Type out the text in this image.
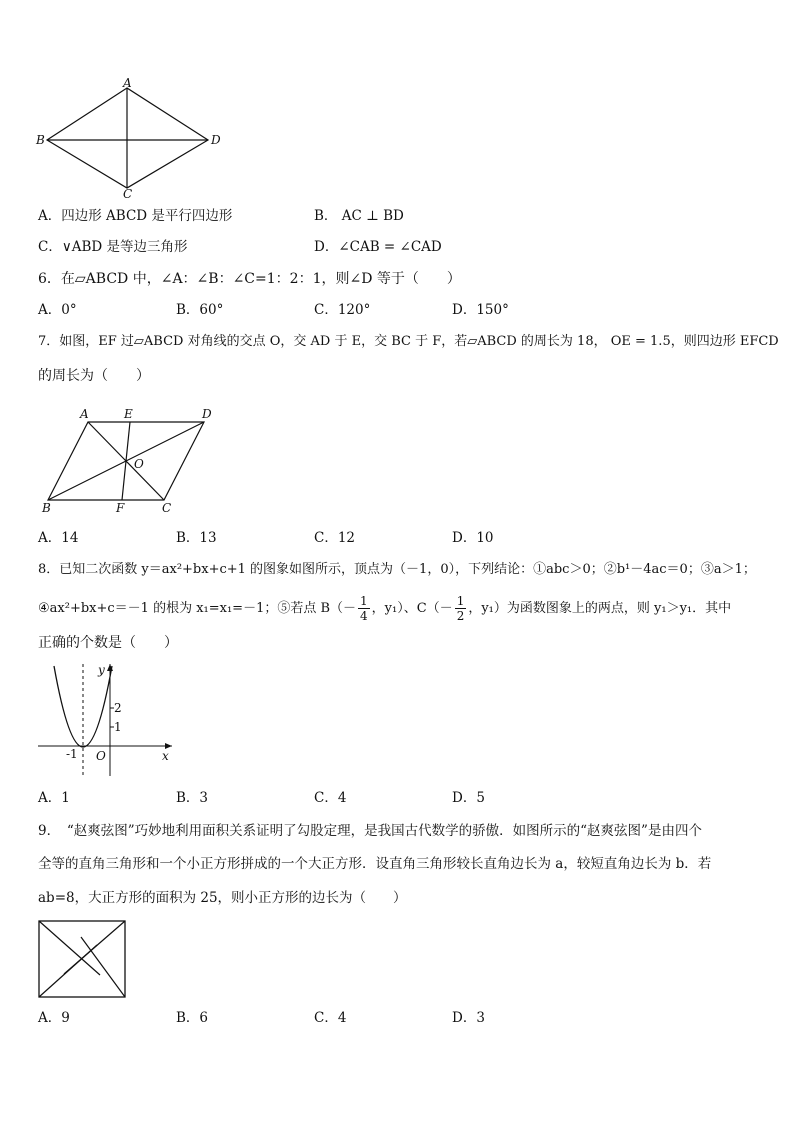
A
B
C
D
A．四边形 ABCD 是平行四边形	B． AC ⊥ BD
C．∨ABD 是等边三角形	D．∠CAB = ∠CAD
6．在▱ABCD 中，∠A：∠B：∠C=1：2：1，则∠D 等于（　　）
A．0°	B．60°	C．120°	D．150°
7．如图，EF 过▱ABCD 对角线的交点 O，交 AD 于 E，交 BC 于 F，若▱ABCD 的周长为 18， OE = 1.5，则四边形 EFCD
的周长为（　　）
A	E	D
O
B	F	C
A．14	B．13	C．12	D．10
8．已知二次函数 y＝ax²+bx+c+1 的图象如图所示，顶点为（－1，0），下列结论：①abc＞0；②b¹－4ac＝0；③a＞1；
④ax²+bx+c＝－1 的根为 x₁=x₁=－1；⑤若点 $B(- \frac{1}{4}$ ，y₁）、$C(- \frac{1}{2}$ ，y₁）为函数图象上的两点，则 y₁＞y₁．其中
正确的个数是（　　）
y
x
2
1
-1 O
A．1	B．3	C．4	D．5
9．　“赵爽弦图”巧妙地利用面积关系证明了勾股定理，是我国古代数学的骄傲．如图所示的“赵爽弦图”是由四个
全等的直角三角形和一个小正方形拼成的一个大正方形．设直角三角形较长直角边长为 a，较短直角边长为 b．若
ab=8，大正方形的面积为 25，则小正方形的边长为（　　）
A．9	B．6	C．4	D．3
